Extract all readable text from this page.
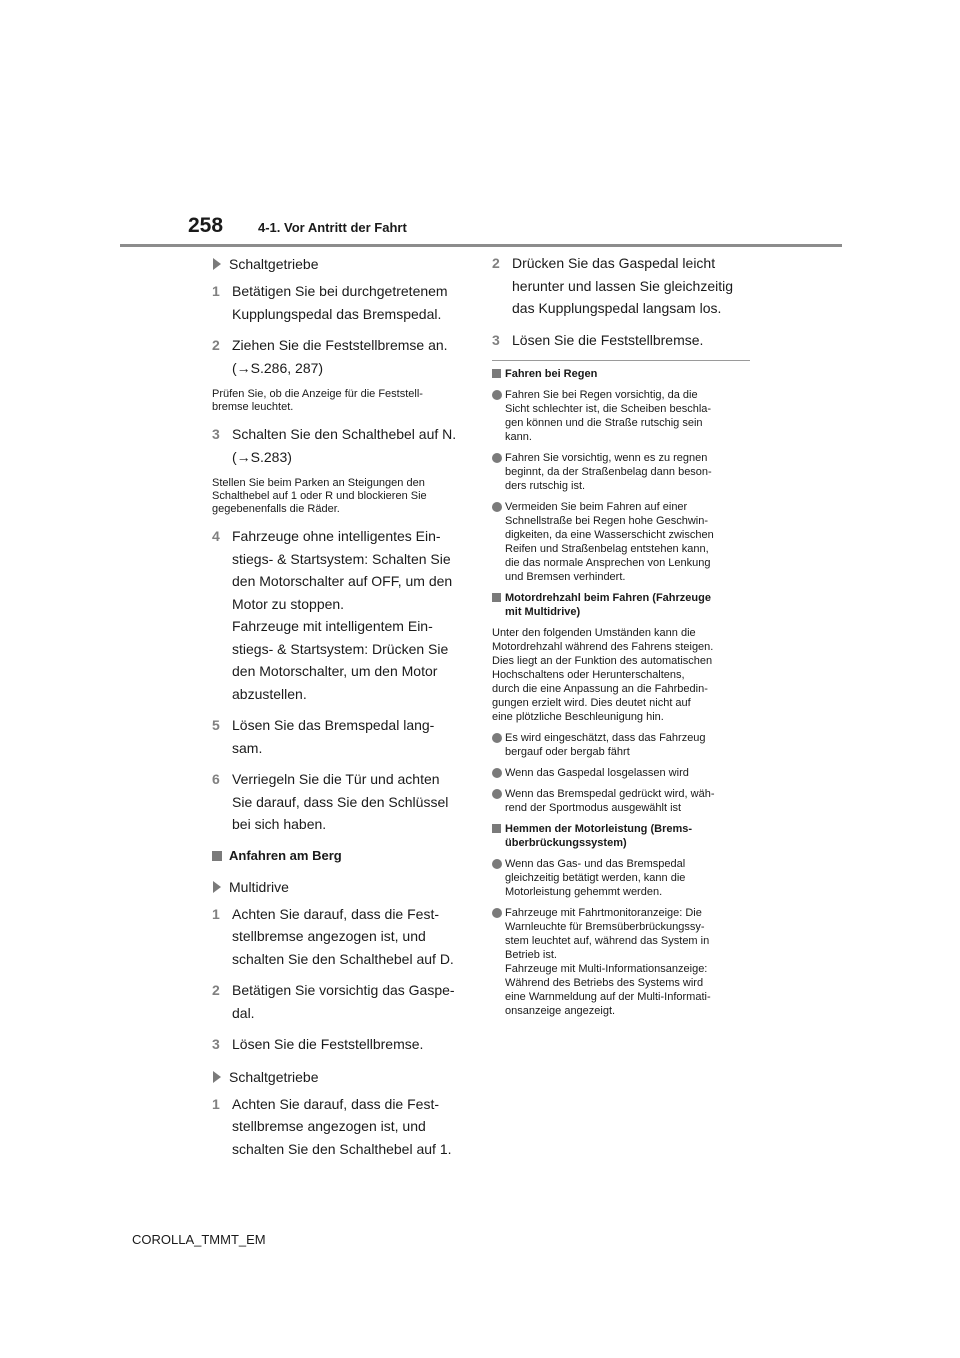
258	4-1. Vor Antritt der Fahrt
Schaltgetriebe
1 Betätigen Sie bei durchgetretenem
Kupplungspedal das Bremspedal.
2 Ziehen Sie die Feststellbremse an.
(→S.286, 287)
Prüfen Sie, ob die Anzeige für die Feststell-
bremse leuchtet.
3 Schalten Sie den Schalthebel auf N.
(→S.283)
Stellen Sie beim Parken an Steigungen den
Schalthebel auf 1 oder R und blockieren Sie
gegebenenfalls die Räder.
4 Fahrzeuge ohne intelligentes Ein-
stiegs- & Startsystem: Schalten Sie
den Motorschalter auf OFF, um den
Motor zu stoppen.
Fahrzeuge mit intelligentem Ein-
stiegs- & Startsystem: Drücken Sie
den Motorschalter, um den Motor
abzustellen.
5 Lösen Sie das Bremspedal lang-
sam.
6 Verriegeln Sie die Tür und achten
Sie darauf, dass Sie den Schlüssel
bei sich haben.
Anfahren am Berg
Multidrive
1 Achten Sie darauf, dass die Fest-
stellbremse angezogen ist, und
schalten Sie den Schalthebel auf D.
2 Betätigen Sie vorsichtig das Gaspe-
dal.
3 Lösen Sie die Feststellbremse.
Schaltgetriebe
1 Achten Sie darauf, dass die Fest-
stellbremse angezogen ist, und
schalten Sie den Schalthebel auf 1.
2 Drücken Sie das Gaspedal leicht
herunter und lassen Sie gleichzeitig
das Kupplungspedal langsam los.
3 Lösen Sie die Feststellbremse.
Fahren bei Regen
Fahren Sie bei Regen vorsichtig, da die
Sicht schlechter ist, die Scheiben beschla-
gen können und die Straße rutschig sein
kann.
Fahren Sie vorsichtig, wenn es zu regnen
beginnt, da der Straßenbelag dann beson-
ders rutschig ist.
Vermeiden Sie beim Fahren auf einer
Schnellstraße bei Regen hohe Geschwin-
digkeiten, da eine Wasserschicht zwischen
Reifen und Straßenbelag entstehen kann,
die das normale Ansprechen von Lenkung
und Bremsen verhindert.
Motordrehzahl beim Fahren (Fahrzeuge
mit Multidrive)
Unter den folgenden Umständen kann die
Motordrehzahl während des Fahrens steigen.
Dies liegt an der Funktion des automatischen
Hochschaltens oder Herunterschaltens,
durch die eine Anpassung an die Fahrbedin-
gungen erzielt wird. Dies deutet nicht auf
eine plötzliche Beschleunigung hin.
Es wird eingeschätzt, dass das Fahrzeug
bergauf oder bergab fährt
Wenn das Gaspedal losgelassen wird
Wenn das Bremspedal gedrückt wird, wäh-
rend der Sportmodus ausgewählt ist
Hemmen der Motorleistung (Brems-
überbrückungssystem)
Wenn das Gas- und das Bremspedal
gleichzeitig betätigt werden, kann die
Motorleistung gehemmt werden.
Fahrzeuge mit Fahrtmonitoranzeige: Die
Warnleuchte für Bremsüberbrückungssy-
stem leuchtet auf, während das System in
Betrieb ist.
Fahrzeuge mit Multi-Informationsanzeige:
Während des Betriebs des Systems wird
eine Warnmeldung auf der Multi-Informati-
onsanzeige angezeigt.
COROLLA_TMMT_EM
